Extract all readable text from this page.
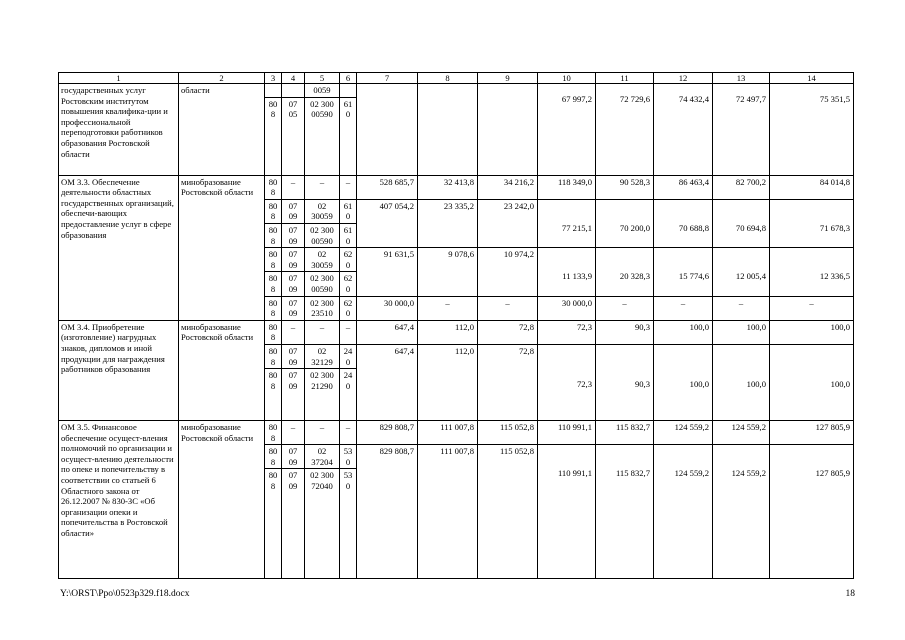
1	2	3	4	5	6	7	8	9	10	11	12	13	14
государственных услуг Ростовским институтом повышения квалифика-ции и профессиональной переподготовки работников образования Ростовской области	области			0059					67 997,2	72 729,6	74 432,4	72 497,7	75 351,5
		808	07 05	02 300 00590	610								
ОМ 3.3. Обеспечение деятельности областных государственных организаций, обеспечи-вающих предоставление услуг в сфере образования	минобразование Ростовской области	808	–	–	–	528 685,7	32 413,8	34 216,2	118 349,0	90 528,3	86 463,4	82 700,2	84 014,8
		808	07 09	02 30059	610	407 054,2	23 335,2	23 242,0	77 215,1	70 200,0	70 688,8	70 694,8	71 678,3
		808	07 09	02 300 00590	610								
		808	07 09	02 30059	620	91 631,5	9 078,6	10 974,2	11 133,9	20 328,3	15 774,6	12 005,4	12 336,5
		808	07 09	02 300 00590	620								
		808	07 09	02 300 23510	620	30 000,0	–	–	30 000,0	–	–	–	–
ОМ 3.4. Приобретение (изготовление) нагрудных знаков, дипломов и иной продукции для награждения работников образования	минобразование Ростовской области	808	–	–	–	647,4	112,0	72,8	72,3	90,3	100,0	100,0	100,0
		808	07 09	02 32129	240	647,4	112,0	72,8	72,3	90,3	100,0	100,0	100,0
		808	07 09	02 300 21290	240								
ОМ 3.5. Финансовое обеспечение осущест-вления полномочий по организации и осущест-влению деятельности по опеке и попечительству в соответствии со статьей 6 Областного закона от 26.12.2007 № 830-ЗС «Об организации опеки и попечительства в Ростовской области»	минобразование Ростовской области	808	–	–	–	829 808,7	111 007,8	115 052,8	110 991,1	115 832,7	124 559,2	124 559,2	127 805,9
		808	07 09	02 37204	530	829 808,7	111 007,8	115 052,8	110 991,1	115 832,7	124 559,2	124 559,2	127 805,9
		808	07 09	02 300 72040	530								
Y:\ORST\Ppo\0523p329.f18.docx	18
